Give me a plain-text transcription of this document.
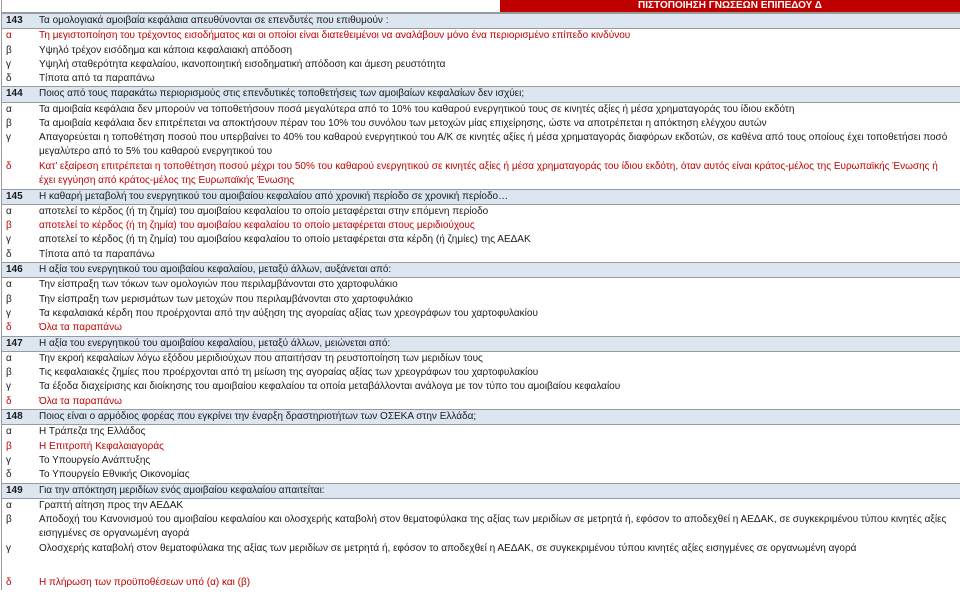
ΠΙΣΤΟΠΟΙΗΣΗ ΓΝΩΣΕΩΝ ΕΠΙΠΕΔΟΥ Δ
143	Τα ομολογιακά αμοιβαία κεφάλαια απευθύνονται σε επενδυτές που επιθυμούν :
α	Τη μεγιστοποίηση του τρέχοντος εισοδήματος και οι οποίοι είναι διατεθειμένοι να αναλάβουν μόνο ένα περιορισμένο επίπεδο κινδύνου
β	Υψηλό τρέχον εισόδημα και κάποια κεφαλαιακή απόδοση
γ	Υψηλή σταθερότητα κεφαλαίου, ικανοποιητική εισοδηματική απόδοση και άμεση ρευστότητα
δ	Τίποτα από τα παραπάνω
144	Ποιος από τους παρακάτω περιορισμούς στις επενδυτικές τοποθετήσεις των αμοιβαίων κεφαλαίων δεν ισχύει;
α	Τα αμοιβαία κεφάλαια δεν μπορούν να τοποθετήσουν ποσά μεγαλύτερα από το 10% του καθαρού ενεργητικού τους σε κινητές αξίες ή μέσα χρηματαγοράς του ίδιου εκδότη
β	Τα αμοιβαία κεφάλαια δεν επιτρέπεται να αποκτήσουν πέραν του 10% του συνόλου των μετοχών μίας επιχείρησης, ώστε να αποτρέπεται η απόκτηση ελέγχου αυτών
γ	Απαγορεύεται η τοποθέτηση ποσού που υπερβαίνει το 40% του καθαρού ενεργητικού του Α/Κ σε κινητές αξίες ή μέσα χρηματαγοράς διαφόρων εκδοτών, σε καθένα από τους οποίους έχει τοποθετήσει ποσό μεγαλύτερο από το 5% του καθαρού ενεργητικού του
δ	Κατ’ εξαίρεση επιτρέπεται η τοποθέτηση ποσού μέχρι του 50% του καθαρού ενεργητικού σε κινητές αξίες ή μέσα χρηματαγοράς του ίδιου εκδότη, όταν αυτός είναι κράτος-μέλος της Ευρωπαϊκής Ένωσης ή έχει εγγύηση από κράτος-μέλος της Ευρωπαϊκής Ένωσης
145	Η καθαρή μεταβολή του ενεργητικού του αμοιβαίου κεφαλαίου από χρονική περίοδο σε χρονική περίοδο…
α	αποτελεί το κέρδος (ή τη ζημία) του αμοιβαίου κεφαλαίου το οποίο μεταφέρεται στην επόμενη περίοδο
β	αποτελεί το κέρδος (ή τη ζημία) του αμοιβαίου κεφαλαίου το οποίο μεταφέρεται στους μεριδιούχους
γ	αποτελεί το κέρδος (ή τη ζημία) του αμοιβαίου κεφαλαίου το οποίο μεταφέρεται στα κέρδη (ή ζημίες) της ΑΕΔΑΚ
δ	Τίποτα από τα παραπάνω
146	Η αξία του ενεργητικού του αμοιβαίου κεφαλαίου, μεταξύ άλλων, αυξάνεται από:
α	Την είσπραξη των τόκων των ομολογιών που περιλαμβάνονται στο χαρτοφυλάκιο
β	Την είσπραξη των μερισμάτων των μετοχών που περιλαμβάνονται στο χαρτοφυλάκιο
γ	Τα κεφαλαιακά κέρδη που προέρχονται από την αύξηση της αγοραίας αξίας των χρεογράφων του χαρτοφυλακίου
δ	Όλα τα παραπάνω
147	Η αξία του ενεργητικού του αμοιβαίου κεφαλαίου, μεταξύ άλλων, μειώνεται από:
α	Την εκροή κεφαλαίων λόγω εξόδου μεριδιούχων που απαιτήσαν τη ρευστοποίηση των μεριδίων τους
β	Τις κεφαλαιακές ζημίες που προέρχονται από τη μείωση της αγοραίας αξίας των χρεογράφων του χαρτοφυλακίου
γ	Τα έξοδα διαχείρισης και διοίκησης του αμοιβαίου κεφαλαίου τα οποία μεταβάλλονται ανάλογα με τον τύπο του αμοιβαίου κεφαλαίου
δ	Όλα τα παραπάνω
148	Ποιος είναι ο αρμόδιος φορέας που εγκρίνει την έναρξη δραστηριοτήτων των ΟΣΕΚΑ στην Ελλάδα;
α	Η Τράπεζα της Ελλάδος
β	Η Επιτροπή Κεφαλαιαγοράς
γ	Το Υπουργείο Ανάπτυξης
δ	Το Υπουργείο Εθνικής Οικονομίας
149	Για την απόκτηση μεριδίων ενός αμοιβαίου κεφαλαίου απαιτείται:
α	Γραπτή αίτηση προς την ΑΕΔΑΚ
β	Αποδοχή του Κανονισμού του αμοιβαίου κεφαλαίου και ολοσχερής καταβολή στον θεματοφύλακα της αξίας των μεριδίων σε μετρητά ή, εφόσον το αποδεχθεί η ΑΕΔΑΚ, σε συγκεκριμένου τύπου κινητές αξίες εισηγμένες σε οργανωμένη αγορά
γ	Ολοσχερής καταβολή στον θεματοφύλακα της αξίας των μεριδίων σε μετρητά ή, εφόσον το αποδεχθεί η ΑΕΔΑΚ, σε συγκεκριμένου τύπου κινητές αξίες εισηγμένες σε οργανωμένη αγορά
δ	Η πλήρωση των προϋποθέσεων υπό (α) και (β)
